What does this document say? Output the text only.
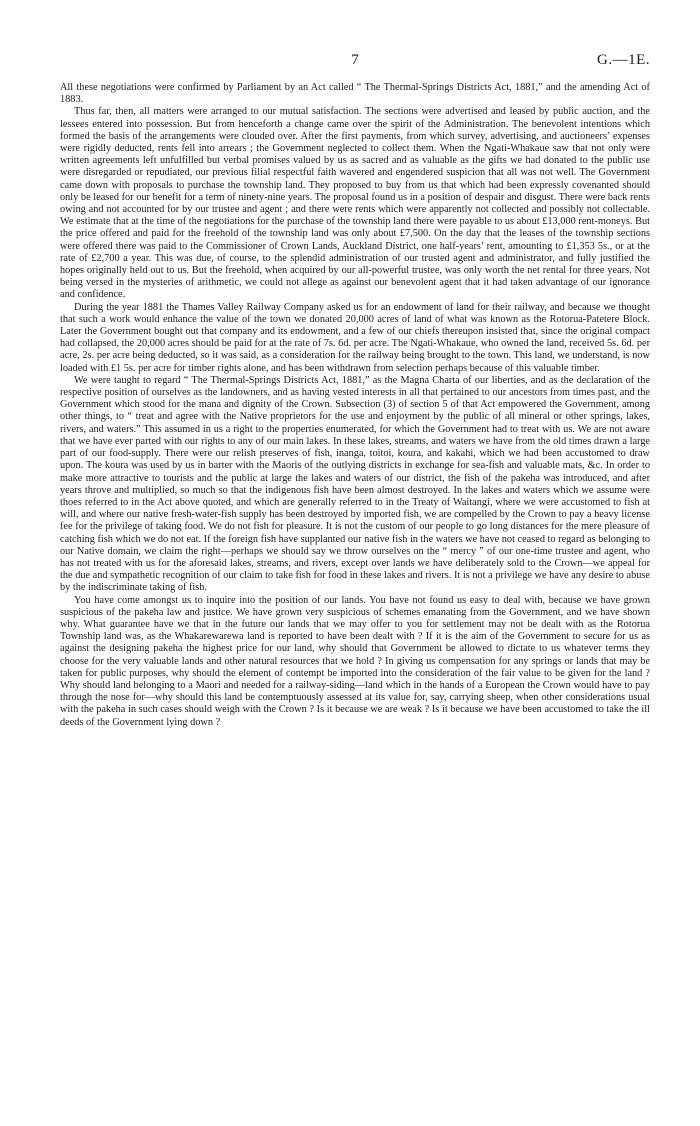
7	G.—1E.

All these negotiations were confirmed by Parliament by an Act called “ The Thermal-Springs Districts Act, 1881,” and the amending Act of 1883.

Thus far, then, all matters were arranged to our mutual satisfaction. The sections were advertised and leased by public auction, and the lessees entered into possession. But from henceforth a change came over the spirit of the Administration. The benevolent intentions which formed the basis of the arrangements were clouded over. After the first payments, from which survey, advertising, and auctioneers’ expenses were rigidly deducted, rents fell into arrears ; the Government neglected to collect them. When the Ngati-Whakaue saw that not only were written agreements left unfulfilled but verbal promises valued by us as sacred and as valuable as the gifts we had donated to the public use were disregarded or repudiated, our previous filial respectful faith wavered and engendered suspicion that all was not well. The Government came down with proposals to purchase the township land. They proposed to buy from us that which had been expressly covenanted should only be leased for our benefit for a term of ninety-nine years. The proposal found us in a position of despair and disgust. There were back rents owing and not accounted for by our trustee and agent ; and there were rents which were apparently not collected and possibly not collectable. We estimate that at the time of the negotiations for the purchase of the township land there were payable to us about £13,000 rent-moneys. But the price offered and paid for the freehold of the township land was only about £7,500. On the day that the leases of the township sections were offered there was paid to the Commissioner of Crown Lands, Auckland District, one half-years’ rent, amounting to £1,353 5s., or at the rate of £2,700 a year. This was due, of course, to the splendid administration of our trusted agent and administrator, and fully justified the hopes originally held out to us. But the freehold, when acquired by our all-powerful trustee, was only worth the net rental for three years. Not being versed in the mysteries of arithmetic, we could not allege as against our benevolent agent that it had taken advantage of our ignorance and confidence.

During the year 1881 the Thames Valley Railway Company asked us for an endowment of land for their railway, and because we thought that such a work would enhance the value of the town we donated 20,000 acres of land of what was known as the Rotorua-Patetere Block. Later the Government bought out that company and its endowment, and a few of our chiefs thereupon insisted that, since the original compact had collapsed, the 20,000 acres should be paid for at the rate of 7s. 6d. per acre. The Ngati-Whakaue, who owned the land, received 5s. 6d. per acre, 2s. per acre being deducted, so it was said, as a consideration for the railway being brought to the town. This land, we understand, is now loaded with £1 5s. per acre for timber rights alone, and has been withdrawn from selection perhaps because of this valuable timber.

We were taught to regard “ The Thermal-Springs Districts Act, 1881,” as the Magna Charta of our liberties, and as the declaration of the respective position of ourselves as the landowners, and as having vested interests in all that pertained to our ancestors from times past, and the Government which stood for the mana and dignity of the Crown. Subsection (3) of section 5 of that Act empowered the Government, among other things, to “ treat and agree with the Native proprietors for the use and enjoyment by the public of all mineral or other springs, lakes, rivers, and waters.” This assumed in us a right to the properties enumerated, for which the Government had to treat with us. We are not aware that we have ever parted with our rights to any of our main lakes. In these lakes, streams, and waters we have from the old times drawn a large part of our food-supply. There were our relish preserves of fish, inanga, toitoi, koura, and kakahi, which we had been accustomed to draw upon. The koura was used by us in barter with the Maoris of the outlying districts in exchange for sea-fish and valuable mats, &c. In order to make more attractive to tourists and the public at large the lakes and waters of our district, the fish of the pakeha was introduced, and after years throve and multiplied, so much so that the indigenous fish have been almost destroyed. In the lakes and waters which we assume were thoes referred to in the Act above quoted, and which are generally referred to in the Treaty of Waitangi, where we were accustomed to fish at will, and where our native fresh-water-fish supply has been destroyed by imported fish, we are compelled by the Crown to pay a heavy license fee for the privilege of taking food. We do not fish for pleasure. It is not the custom of our people to go long distances for the mere pleasure of catching fish which we do not eat. If the foreign fish have supplanted our native fish in the waters we have not ceased to regard as belonging to our Native domain, we claim the right—perhaps we should say we throw ourselves on the “ mercy ” of our one-time trustee and agent, who has not treated with us for the aforesaid lakes, streams, and rivers, except over lands we have deliberately sold to the Crown—we appeal for the due and sympathetic recognition of our claim to take fish for food in these lakes and rivers. It is not a privilege we have any desire to abuse by the indiscriminate taking of fish.

You have come amongst us to inquire into the position of our lands. You have not found us easy to deal with, because we have grown suspicious of the pakeha law and justice. We have grown very suspicious of schemes emanating from the Government, and we have shown why. What guarantee have we that in the future our lands that we may offer to you for settlement may not be dealt with as the Rotorua Township land was, as the Whakarewarewa land is reported to have been dealt with ? If it is the aim of the Government to secure for us as against the designing pakeha the highest price for our land, why should that Government be allowed to dictate to us whatever terms they choose for the very valuable lands and other natural resources that we hold ? In giving us compensation for any springs or lands that may be taken for public purposes, why should the element of contempt be imported into the consideration of the fair value to be given for the land ? Why should land belonging to a Maori and needed for a railway-siding—land which in the hands of a European the Crown would have to pay through the nose for—why should this land be contemptuously assessed at its value for, say, carrying sheep, when other considerations usual with the pakeha in such cases should weigh with the Crown ? Is it because we are weak ? Is it because we have been accustomed to take the ill deeds of the Government lying down ?
